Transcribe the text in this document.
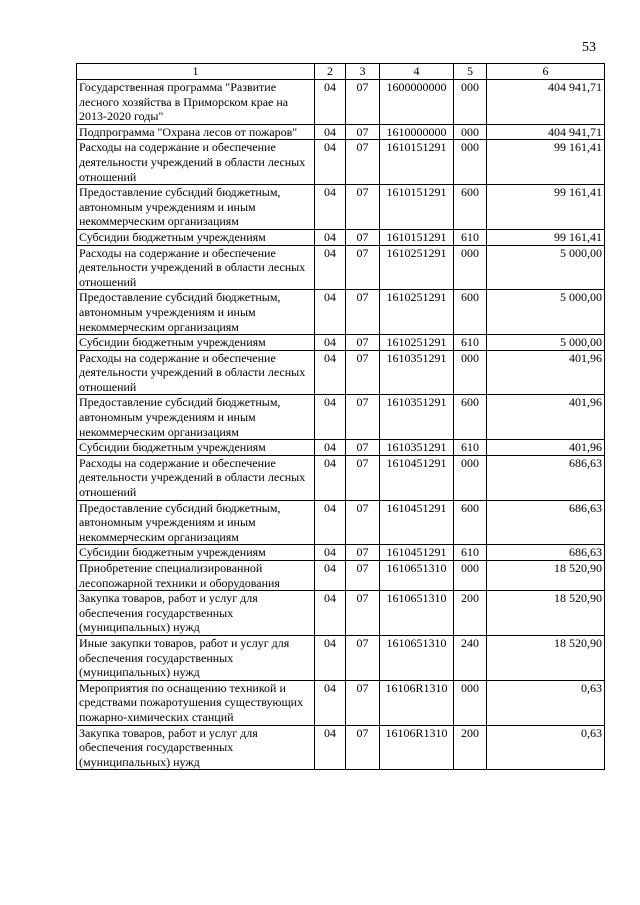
53
1	2	3	4	5	6
Государственная программа "Развитие лесного хозяйства в Приморском крае на 2013-2020 годы"	04	07	1600000000	000	404 941,71
Подпрограмма "Охрана лесов от пожаров"	04	07	1610000000	000	404 941,71
Расходы на содержание и обеспечение деятельности учреждений в области лесных отношений	04	07	1610151291	000	99 161,41
Предоставление субсидий бюджетным, автономным учреждениям и иным некоммерческим организациям	04	07	1610151291	600	99 161,41
Субсидии бюджетным учреждениям	04	07	1610151291	610	99 161,41
Расходы на содержание и обеспечение деятельности учреждений в области лесных отношений	04	07	1610251291	000	5 000,00
Предоставление субсидий бюджетным, автономным учреждениям и иным некоммерческим организациям	04	07	1610251291	600	5 000,00
Субсидии бюджетным учреждениям	04	07	1610251291	610	5 000,00
Расходы на содержание и обеспечение деятельности учреждений в области лесных отношений	04	07	1610351291	000	401,96
Предоставление субсидий бюджетным, автономным учреждениям и иным некоммерческим организациям	04	07	1610351291	600	401,96
Субсидии бюджетным учреждениям	04	07	1610351291	610	401,96
Расходы на содержание и обеспечение деятельности учреждений в области лесных отношений	04	07	1610451291	000	686,63
Предоставление субсидий бюджетным, автономным учреждениям и иным некоммерческим организациям	04	07	1610451291	600	686,63
Субсидии бюджетным учреждениям	04	07	1610451291	610	686,63
Приобретение специализированной лесопожарной техники и оборудования	04	07	1610651310	000	18 520,90
Закупка товаров, работ и услуг для обеспечения государственных (муниципальных) нужд	04	07	1610651310	200	18 520,90
Иные закупки товаров, работ и услуг для обеспечения государственных (муниципальных) нужд	04	07	1610651310	240	18 520,90
Мероприятия по оснащению техникой и средствами пожаротушения существующих пожарно-химических станций	04	07	16106R1310	000	0,63
Закупка товаров, работ и услуг для обеспечения государственных (муниципальных) нужд	04	07	16106R1310	200	0,63
